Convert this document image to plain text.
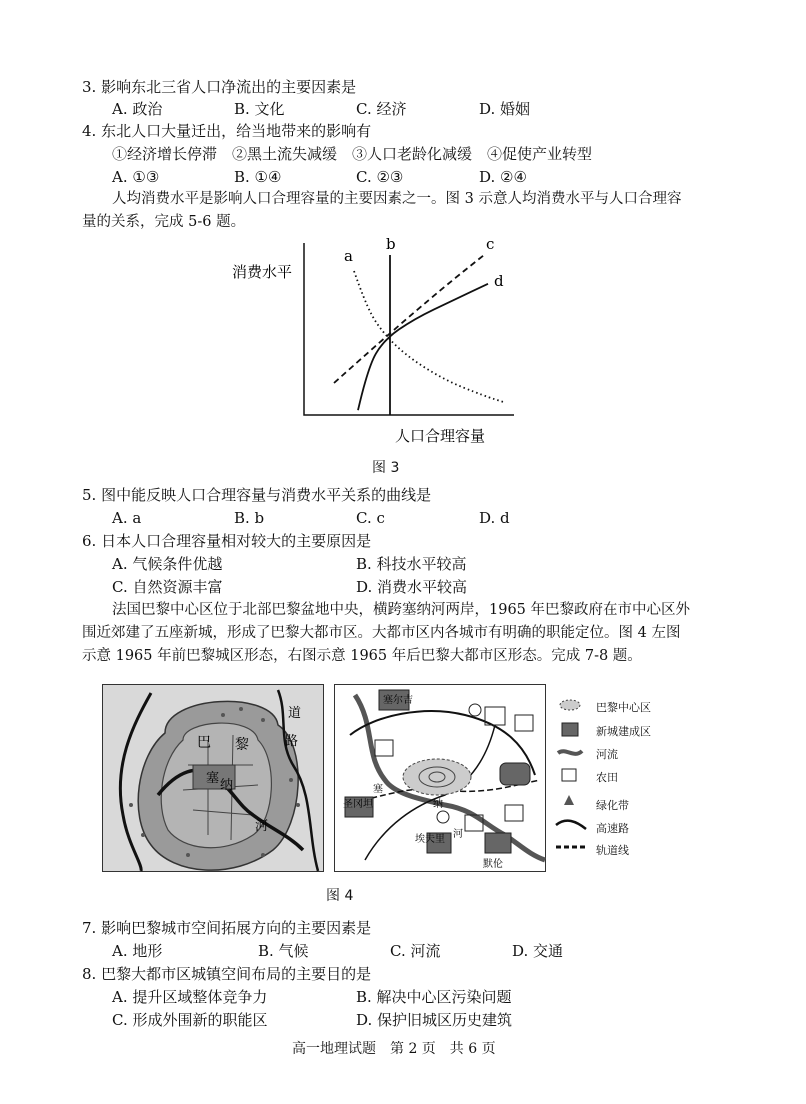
3. 影响东北三省人口净流出的主要因素是
A. 政治	B. 文化	C. 经济	D. 婚姻
4. 东北人口大量迁出，给当地带来的影响有
①经济增长停滞　②黑土流失减缓　③人口老龄化减缓　④促使产业转型
A. ①③	B. ①④	C. ②③	D. ②④
人均消费水平是影响人口合理容量的主要因素之一。图 3 示意人均消费水平与人口合理容
量的关系，完成 5-6 题。
a
b	c
d
消费水平
人口合理容量
图 3
5. 图中能反映人口合理容量与消费水平关系的曲线是
A. a	B. b	C. c	D. d
6. 日本人口合理容量相对较大的主要原因是
A. 气候条件优越	B. 科技水平较高
C. 自然资源丰富	D. 消费水平较高
法国巴黎中心区位于北部巴黎盆地中央，横跨塞纳河两岸，1965 年巴黎政府在市中心区外
围近郊建了五座新城，形成了巴黎大都市区。大都市区内各城市有明确的职能定位。图 4 左图
示意 1965 年前巴黎城区形态，右图示意 1965 年后巴黎大都市区形态。完成 7-8 题。
道
路
巴 黎
塞 纳
河
塞尔吉
圣冈坦
塞
纳
河
埃夫里
默伦
巴黎中心区
新城建成区
河流
农田
绿化带
高速路
轨道线
图 4
7. 影响巴黎城市空间拓展方向的主要因素是
A. 地形	B. 气候	C. 河流	D. 交通
8. 巴黎大都市区城镇空间布局的主要目的是
A. 提升区域整体竞争力	B. 解决中心区污染问题
C. 形成外围新的职能区	D. 保护旧城区历史建筑
高一地理试题　第 2 页　共 6 页
